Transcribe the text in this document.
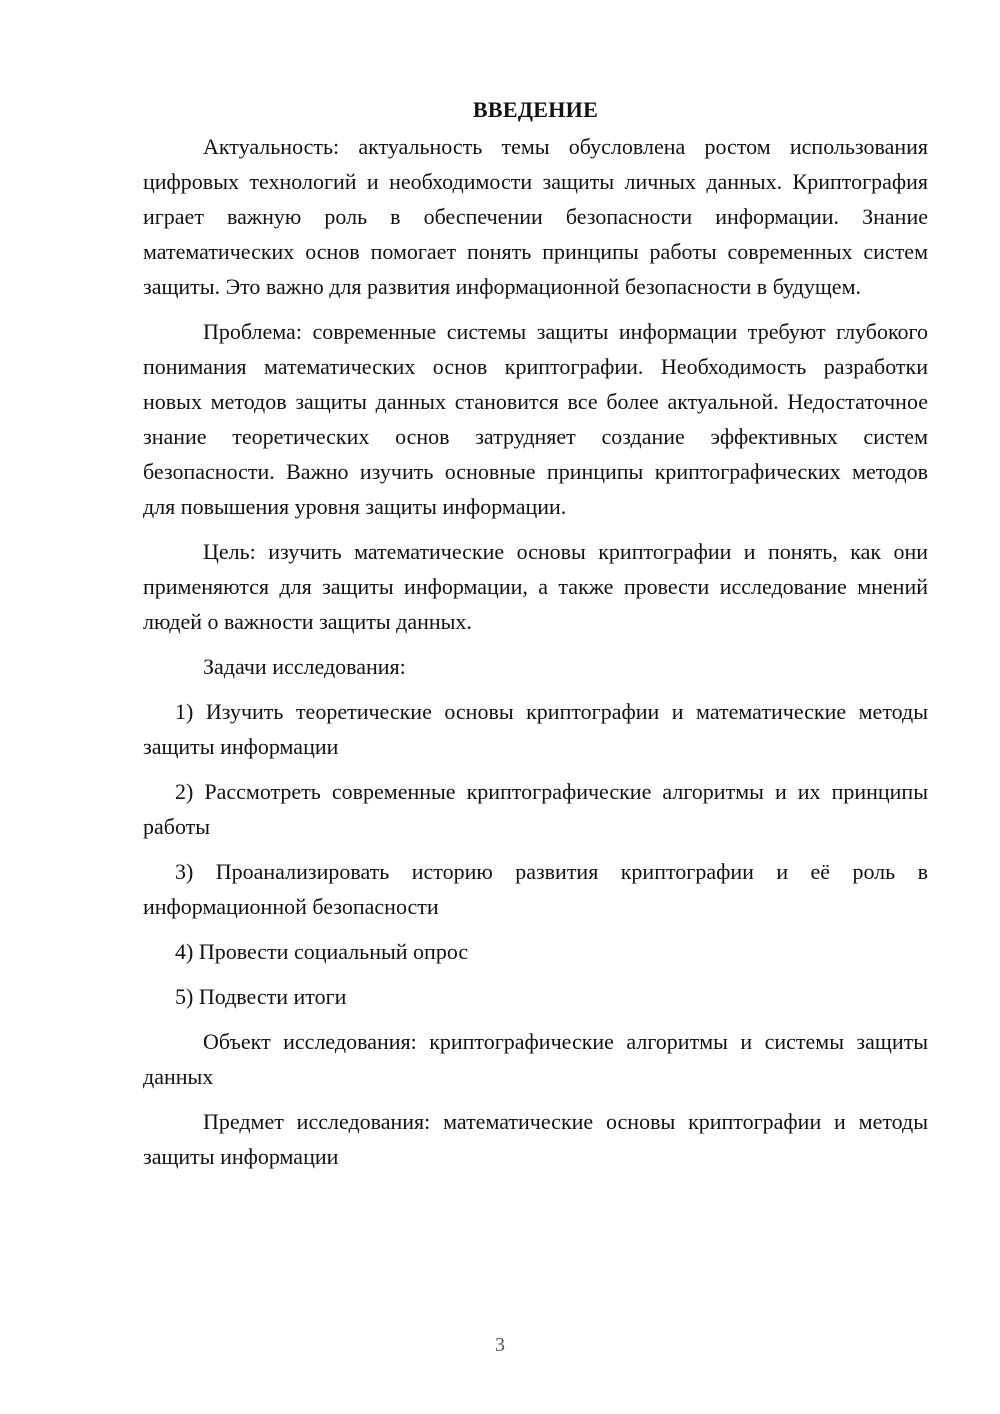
ВВЕДЕНИЕ

Актуальность: актуальность темы обусловлена ростом использования цифровых технологий и необходимости защиты личных данных. Криптография играет важную роль в обеспечении безопасности информации. Знание математических основ помогает понять принципы работы современных систем защиты. Это важно для развития информационной безопасности в будущем.

Проблема: современные системы защиты информации требуют глубокого понимания математических основ криптографии. Необходимость разработки новых методов защиты данных становится все более актуальной. Недостаточное знание теоретических основ затрудняет создание эффективных систем безопасности. Важно изучить основные принципы криптографических методов для повышения уровня защиты информации.

Цель: изучить математические основы криптографии и понять, как они применяются для защиты информации, а также провести исследование мнений людей о важности защиты данных.

Задачи исследования:

1) Изучить теоретические основы криптографии и математические методы защиты информации

2) Рассмотреть современные криптографические алгоритмы и их принципы работы

3) Проанализировать историю развития криптографии и её роль в информационной безопасности

4) Провести социальный опрос

5) Подвести итоги

Объект исследования: криптографические алгоритмы и системы защиты данных

Предмет исследования: математические основы криптографии и методы защиты информации

3
